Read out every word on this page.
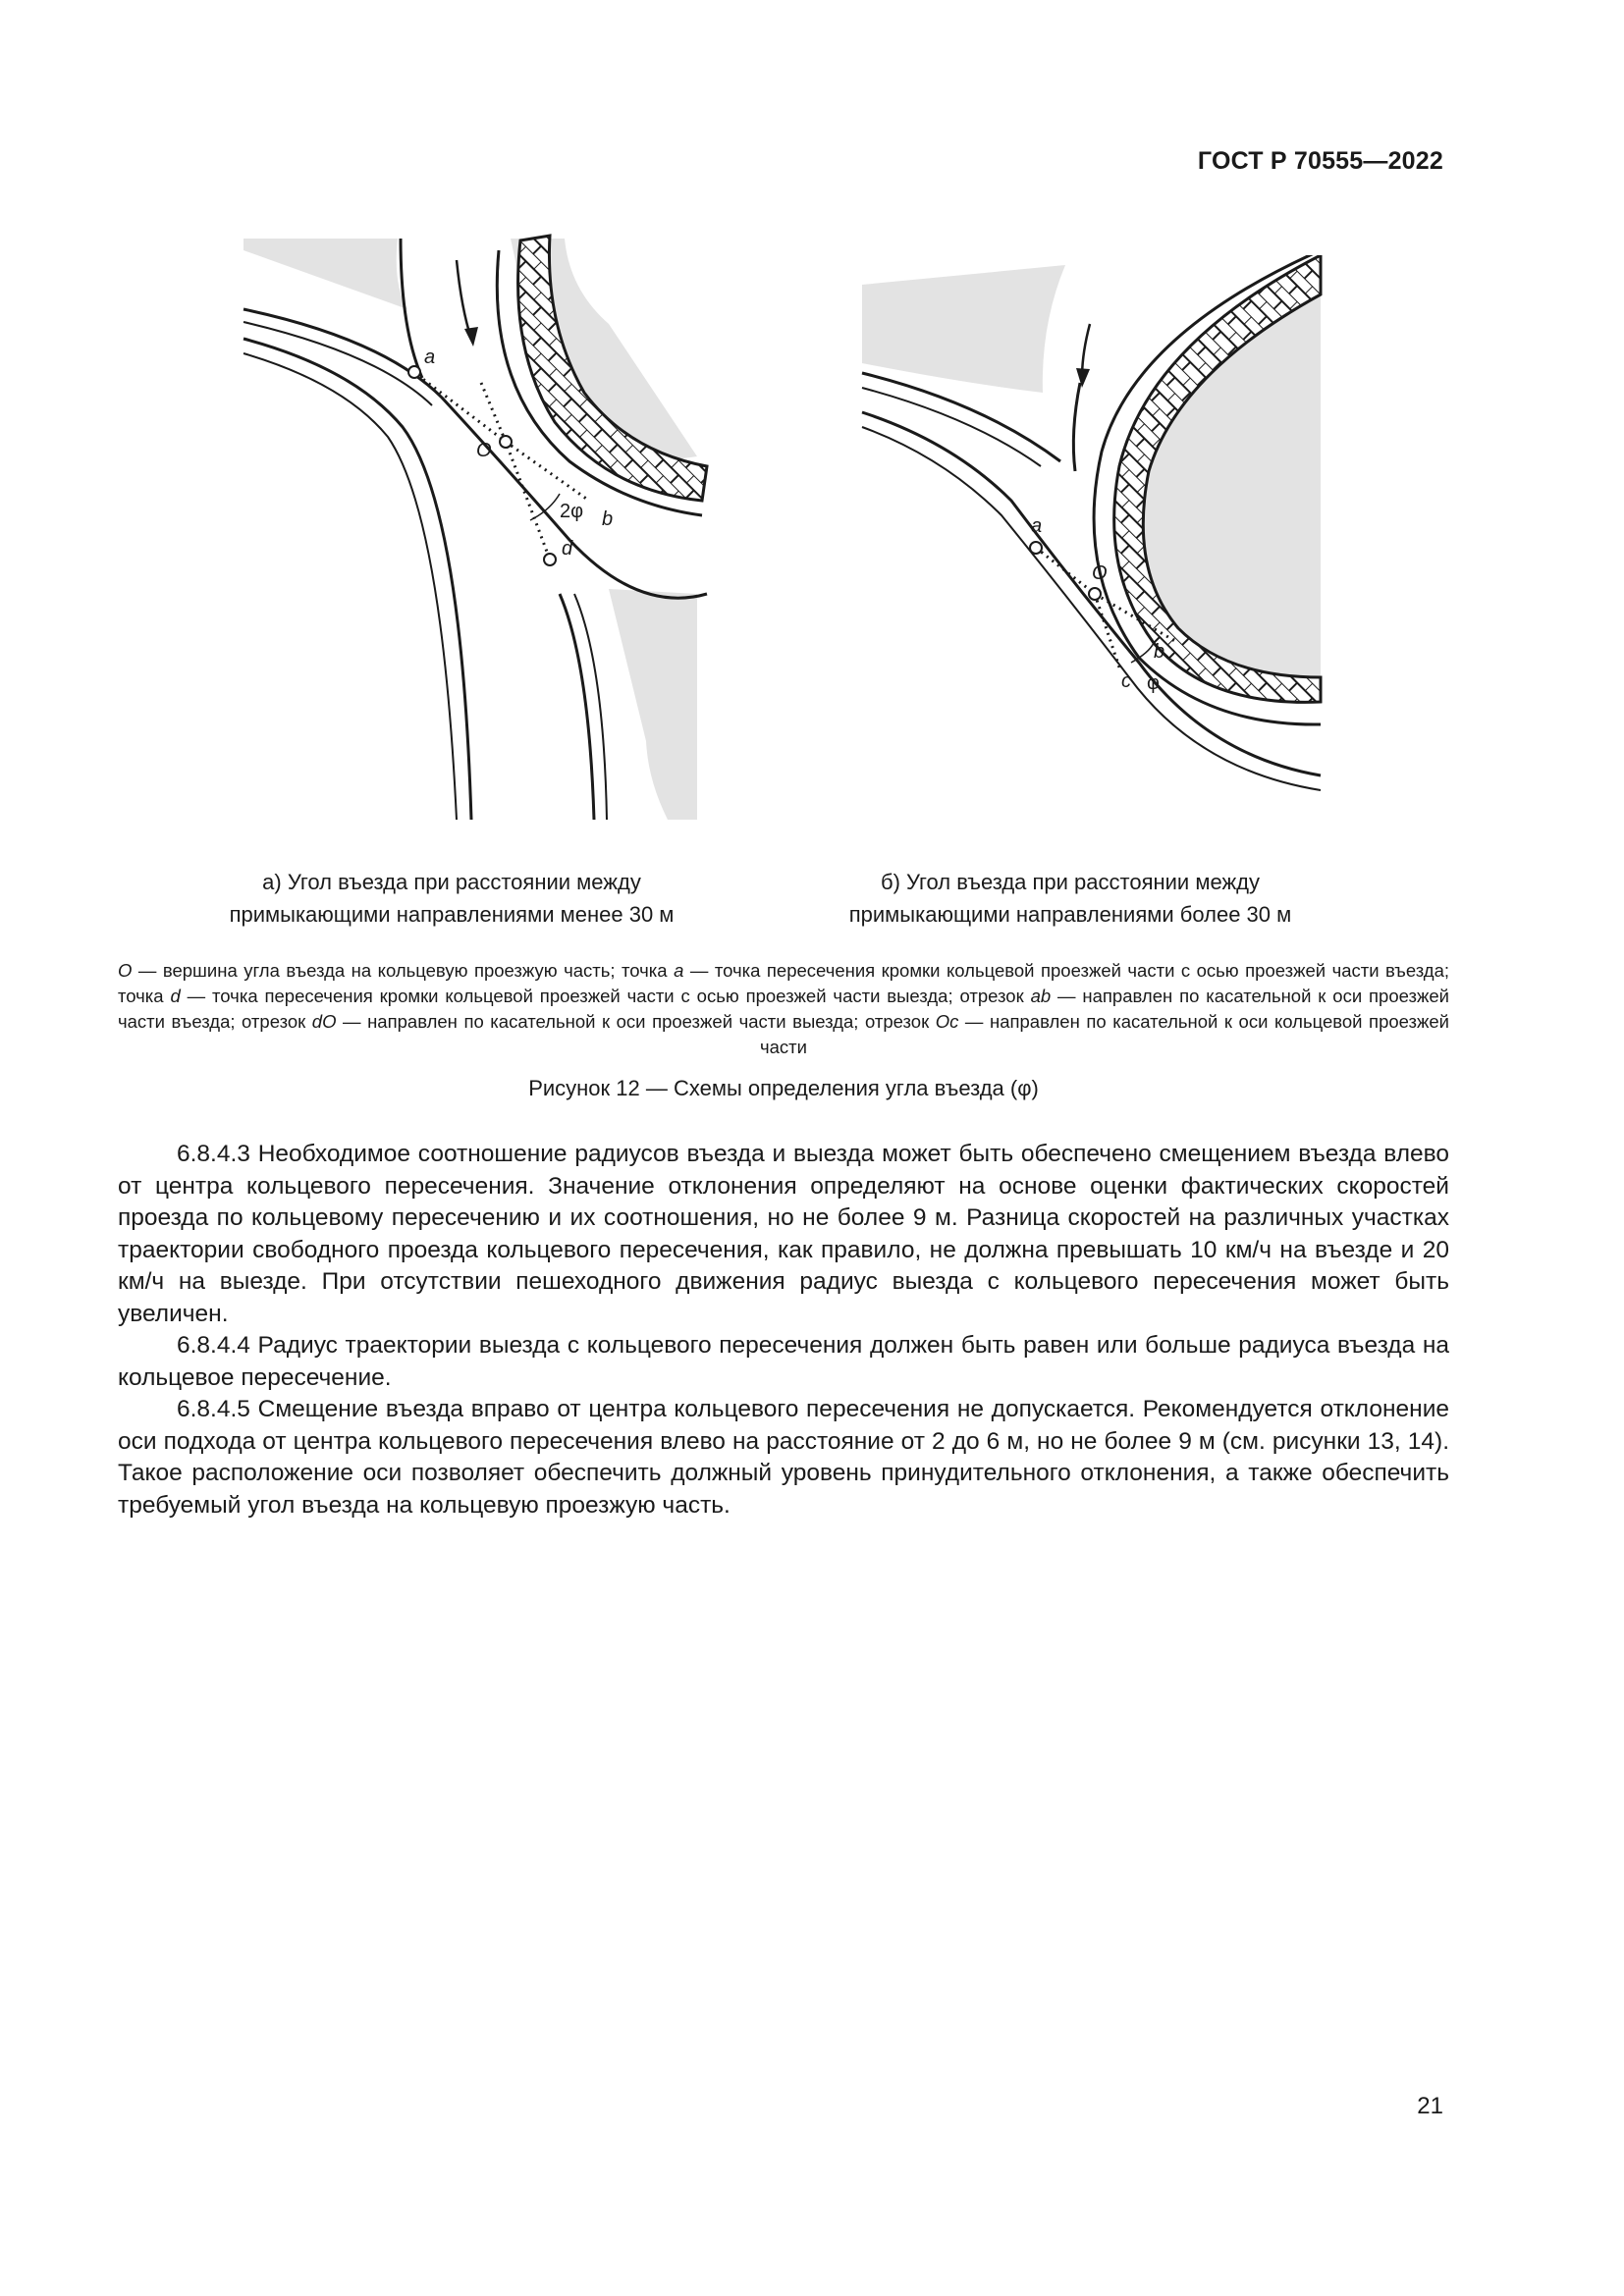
ГОСТ Р 70555—2022
a
O
2φ b
d
a
O
b
c φ
а) Угол въезда при расстоянии между
примыкающими направлениями менее 30 м
б) Угол въезда при расстоянии между
примыкающими направлениями более 30 м
O — вершина угла въезда на кольцевую проезжую часть; точка a — точка пересечения кромки кольцевой проезжей части с осью проезжей части въезда; точка d — точка пересечения кромки кольцевой проезжей части с осью проезжей части выезда; отрезок ab — направлен по касательной к оси проезжей части въезда; отрезок dO — направлен по касательной к оси проезжей части выезда; отрезок Oc — направлен по касательной к оси кольцевой проезжей части
Рисунок 12 — Схемы определения угла въезда (φ)

6.8.4.3 Необходимое соотношение радиусов въезда и выезда может быть обеспечено смещением въезда влево от центра кольцевого пересечения. Значение отклонения определяют на основе оценки фактических скоростей проезда по кольцевому пересечению и их соотношения, но не более 9 м. Разница скоростей на различных участках траектории свободного проезда кольцевого пересечения, как правило, не должна превышать 10 км/ч на въезде и 20 км/ч на выезде. При отсутствии пешеходного движения радиус выезда с кольцевого пересечения может быть увеличен.

6.8.4.4 Радиус траектории выезда с кольцевого пересечения должен быть равен или больше радиуса въезда на кольцевое пересечение.

6.8.4.5 Смещение въезда вправо от центра кольцевого пересечения не допускается. Рекомендуется отклонение оси подхода от центра кольцевого пересечения влево на расстояние от 2 до 6 м, но не более 9 м (см. рисунки 13, 14). Такое расположение оси позволяет обеспечить должный уровень принудительного отклонения, а также обеспечить требуемый угол въезда на кольцевую проезжую часть.

21
